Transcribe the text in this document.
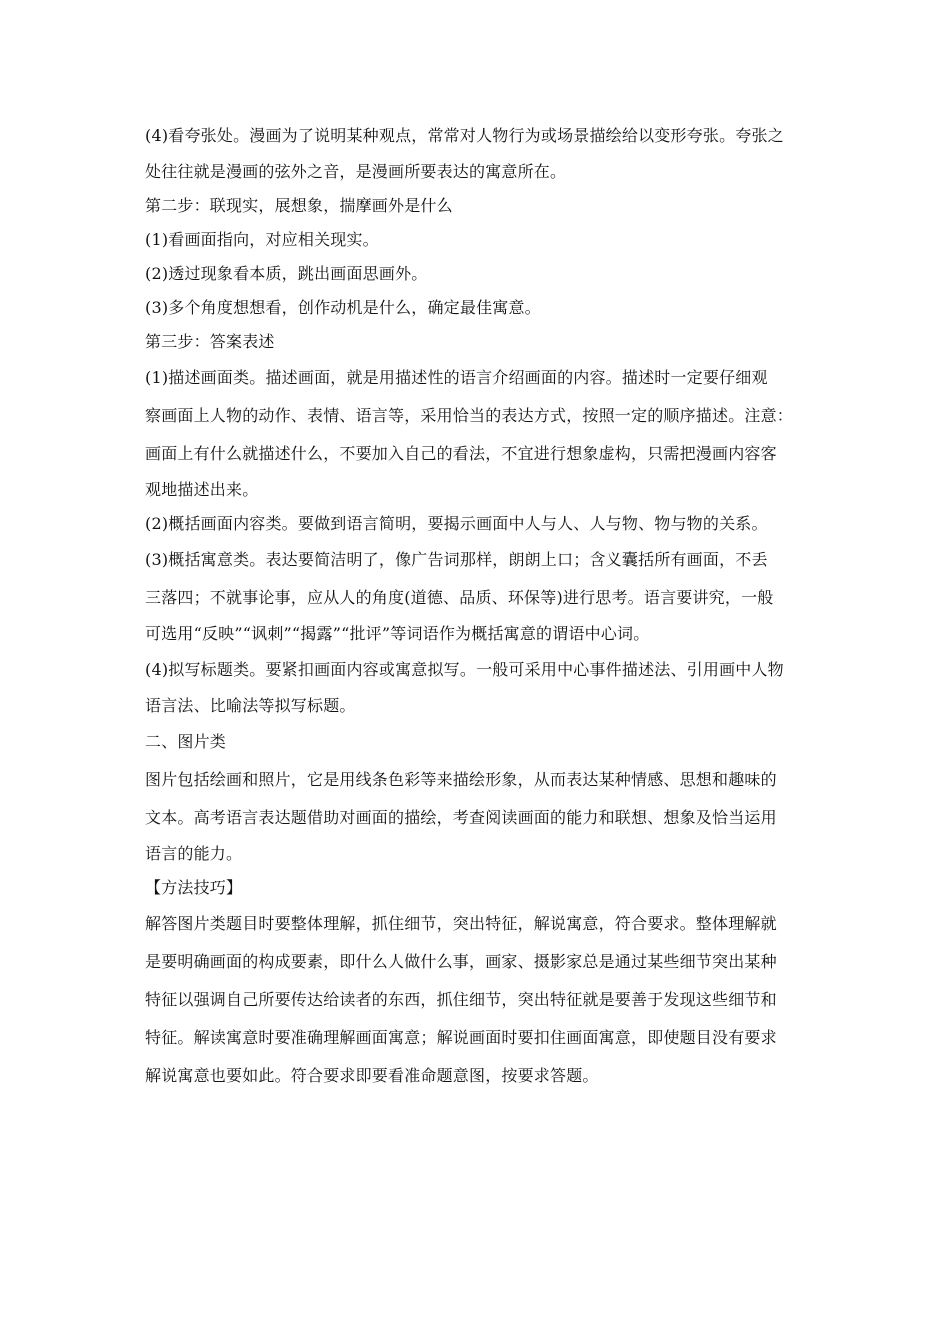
(4)看夸张处。漫画为了说明某种观点，常常对人物行为或场景描绘给以变形夸张。夸张之

处往往就是漫画的弦外之音，是漫画所要表达的寓意所在。

第二步：联现实，展想象，揣摩画外是什么

(1)看画面指向，对应相关现实。

(2)透过现象看本质，跳出画面思画外。

(3)多个角度想想看，创作动机是什么，确定最佳寓意。

第三步：答案表述

(1)描述画面类。描述画面，就是用描述性的语言介绍画面的内容。描述时一定要仔细观

察画面上人物的动作、表情、语言等，采用恰当的表达方式，按照一定的顺序描述。注意：

画面上有什么就描述什么，不要加入自己的看法，不宜进行想象虚构，只需把漫画内容客

观地描述出来。

(2)概括画面内容类。要做到语言简明，要揭示画面中人与人、人与物、物与物的关系。

(3)概括寓意类。表达要简洁明了，像广告词那样，朗朗上口；含义囊括所有画面，不丢

三落四；不就事论事，应从人的角度(道德、品质、环保等)进行思考。语言要讲究，一般

可选用“反映”“讽刺”“揭露”“批评”等词语作为概括寓意的谓语中心词。

(4)拟写标题类。要紧扣画面内容或寓意拟写。一般可采用中心事件描述法、引用画中人物

语言法、比喻法等拟写标题。

二、图片类

图片包括绘画和照片，它是用线条色彩等来描绘形象，从而表达某种情感、思想和趣味的

文本。高考语言表达题借助对画面的描绘，考查阅读画面的能力和联想、想象及恰当运用

语言的能力。

【方法技巧】

解答图片类题目时要整体理解，抓住细节，突出特征，解说寓意，符合要求。整体理解就

是要明确画面的构成要素，即什么人做什么事，画家、摄影家总是通过某些细节突出某种

特征以强调自己所要传达给读者的东西，抓住细节，突出特征就是要善于发现这些细节和

特征。解读寓意时要准确理解画面寓意；解说画面时要扣住画面寓意，即使题目没有要求

解说寓意也要如此。符合要求即要看准命题意图，按要求答题。
